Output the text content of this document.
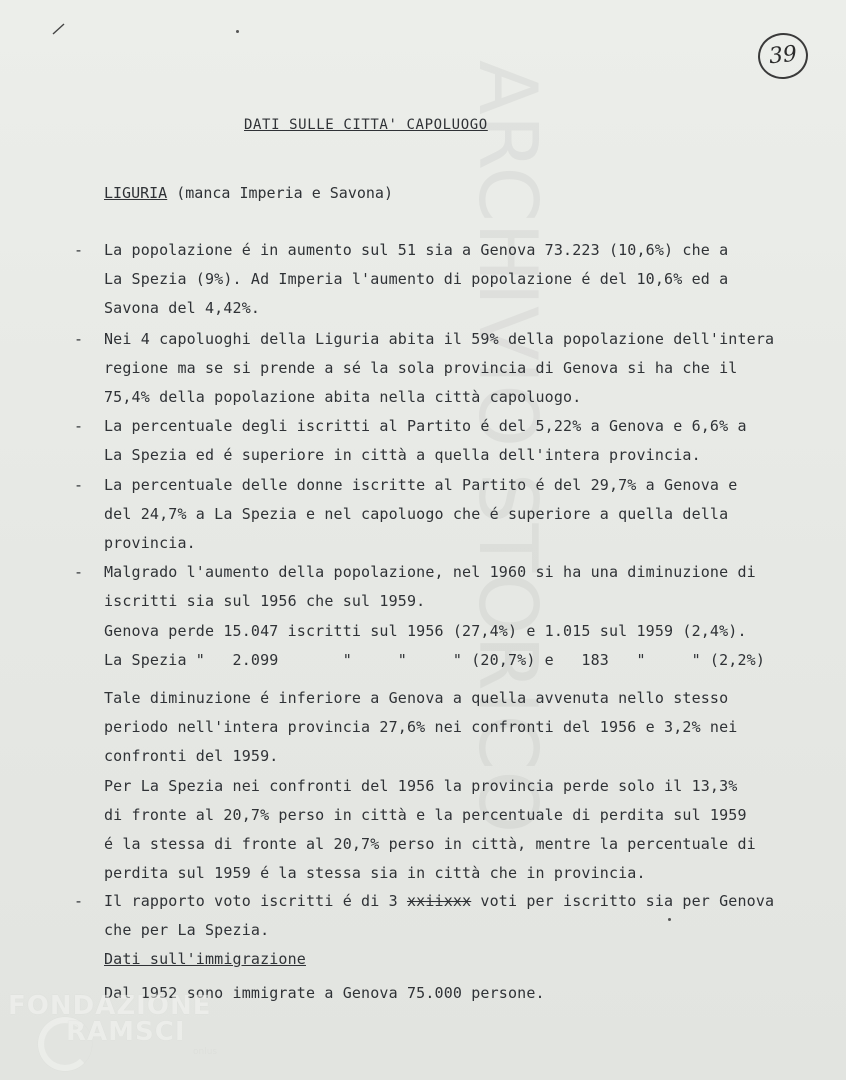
ARCHIVIO STORICO
39
DATI SULLE CITTA' CAPOLUOGO
LIGURIA (manca Imperia e Savona)
- La popolazione é in aumento sul 51 sia a Genova 73.223 (10,6%) che a
La Spezia (9%). Ad Imperia l'aumento di popolazione é del 10,6% ed a
Savona del 4,42%.
- Nei 4 capoluoghi della Liguria abita il 59% della popolazione dell'intera
regione ma se si prende a sé la sola provincia di Genova si ha che il
75,4% della popolazione abita nella città capoluogo.
- La percentuale degli iscritti al Partito é del 5,22% a Genova e 6,6% a
La Spezia ed é superiore in città a quella dell'intera provincia.
- La percentuale delle donne iscritte al Partito é del 29,7% a Genova e
del 24,7% a La Spezia e nel capoluogo che é superiore a quella della
provincia.
- Malgrado l'aumento della popolazione, nel 1960 si ha una diminuzione di
iscritti sia sul 1956 che sul 1959.
Genova perde 15.047 iscritti sul 1956 (27,4%) e 1.015 sul 1959 (2,4%).
La Spezia "   2.099       "     "     " (20,7%) e   183   "     " (2,2%)
Tale diminuzione é inferiore a Genova a quella avvenuta nello stesso
periodo nell'intera provincia 27,6% nei confronti del 1956 e 3,2% nei
confronti del 1959.
Per La Spezia nei confronti del 1956 la provincia perde solo il 13,3%
di fronte al 20,7% perso in città e la percentuale di perdita sul 1959
é la stessa di fronte al 20,7% perso in città, mentre la percentuale di
perdita sul 1959 é la stessa sia in città che in provincia.
- Il rapporto voto iscritti é di 3 xxiixxx voti per iscritto sia per Genova
che per La Spezia.
Dati sull'immigrazione
Dal 1952 sono immigrate a Genova 75.000 persone.
FONDAZIONE
RAMSCI
onlus
